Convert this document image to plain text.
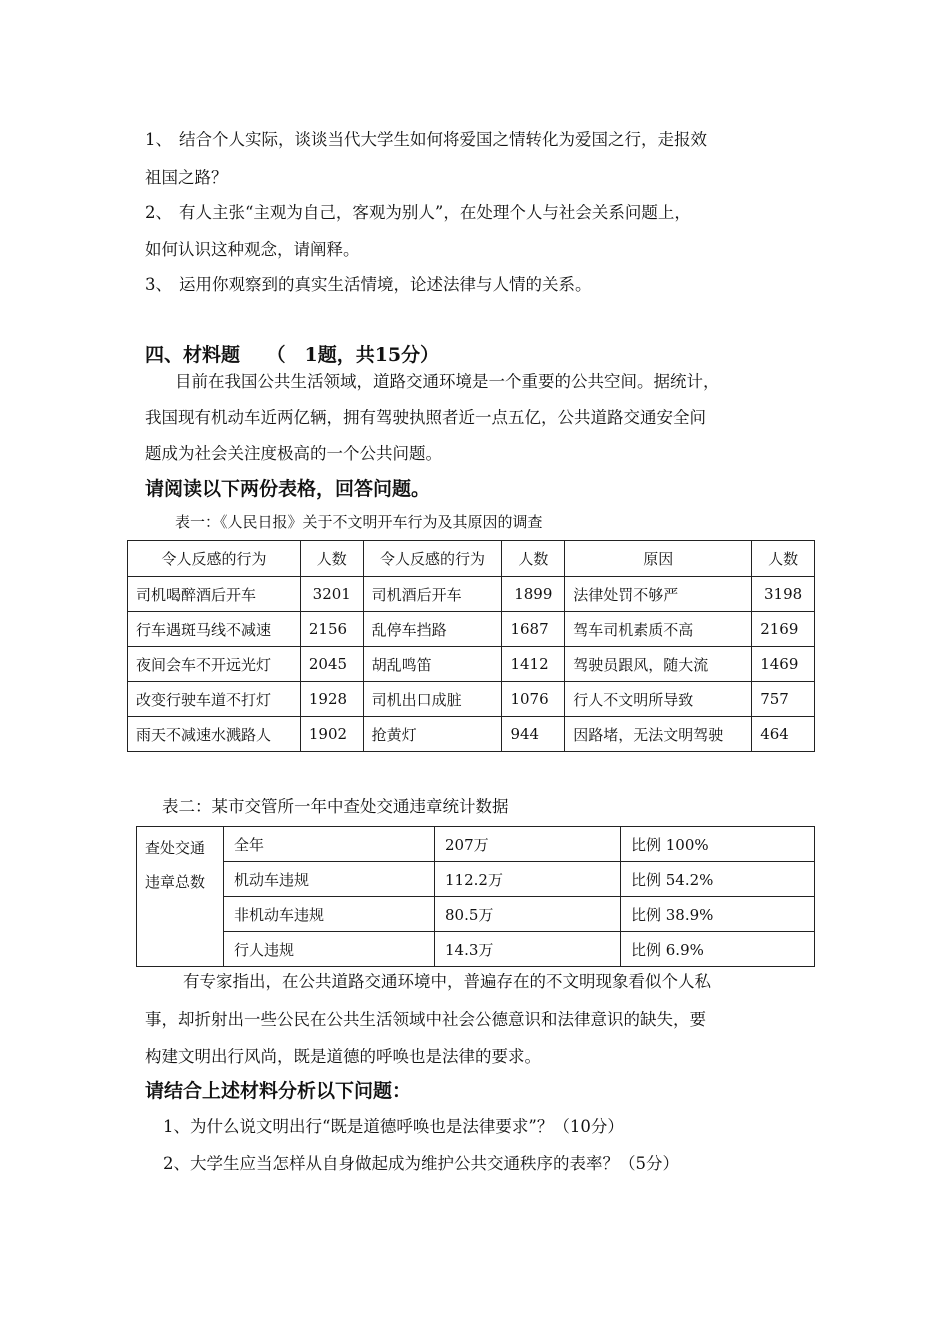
1、 结合个人实际，谈谈当代大学生如何将爱国之情转化为爱国之行，走报效
祖国之路？
2、 有人主张“主观为自己，客观为别人”，在处理个人与社会关系问题上，
如何认识这种观念，请阐释。
3、 运用你观察到的真实生活情境，论述法律与人情的关系。
四、材料题 （　1题，共15分）
目前在我国公共生活领域，道路交通环境是一个重要的公共空间。据统计，
我国现有机动车近两亿辆，拥有驾驶执照者近一点五亿，公共道路交通安全问
题成为社会关注度极高的一个公共问题。
请阅读以下两份表格，回答问题。
表一：《人民日报》关于不文明开车行为及其原因的调查
令人反感的行为	人数	令人反感的行为	人数	原因	人数
司机喝醉酒后开车	3201	司机酒后开车	1899	法律处罚不够严	3198
行车遇斑马线不减速	2156	乱停车挡路	1687	驾车司机素质不高	2169
夜间会车不开远光灯	2045	胡乱鸣笛	1412	驾驶员跟风，随大流	1469
改变行驶车道不打灯	1928	司机出口成脏	1076	行人不文明所导致	757
雨天不减速水溅路人	1902	抢黄灯	944	因路堵，无法文明驾驶	464
表二：某市交管所一年中查处交通违章统计数据
查处交通
违章总数	全年	207万	比例 100%
	机动车违规	112.2万	比例 54.2%
	非机动车违规	80.5万	比例 38.9%
	行人违规	14.3万	比例 6.9%
有专家指出，在公共道路交通环境中，普遍存在的不文明现象看似个人私
事，却折射出一些公民在公共生活领域中社会公德意识和法律意识的缺失，要
构建文明出行风尚，既是道德的呼唤也是法律的要求。
请结合上述材料分析以下问题：
1、为什么说文明出行“既是道德呼唤也是法律要求”？（10分）
2、大学生应当怎样从自身做起成为维护公共交通秩序的表率？（5分）
